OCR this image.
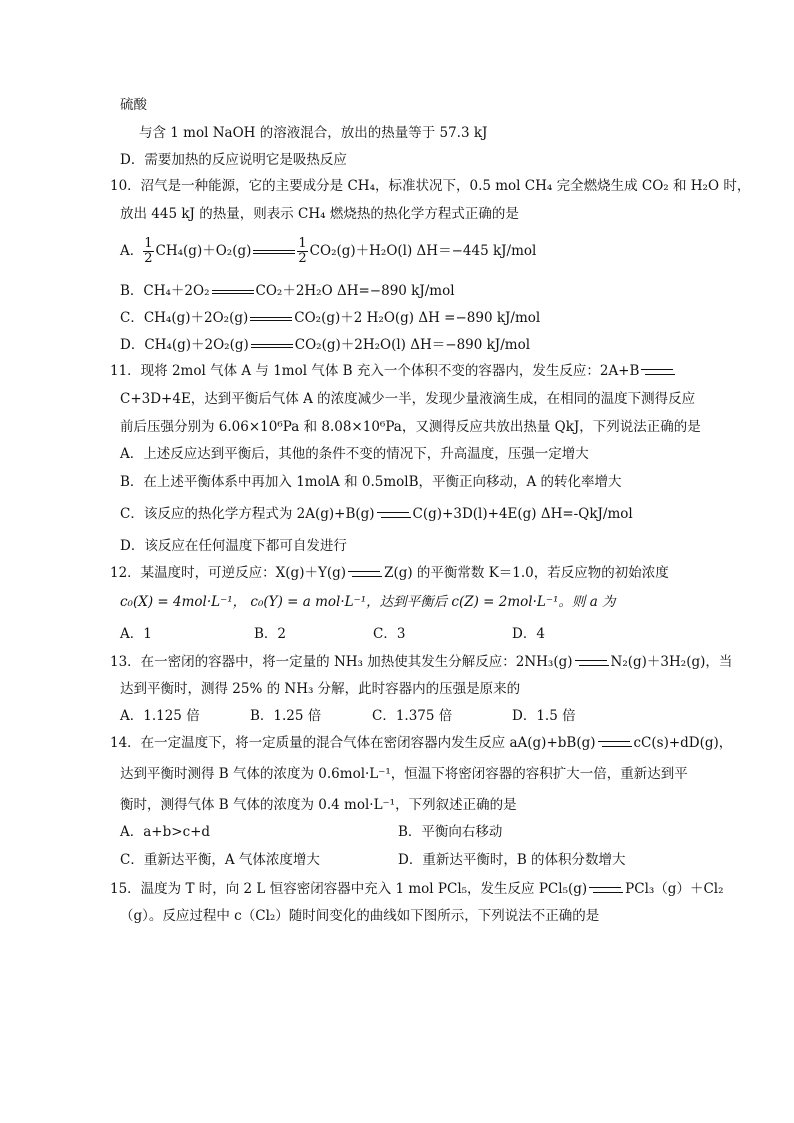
硫酸
与含 1 mol NaOH 的溶液混合，放出的热量等于 57.3 kJ
D．需要加热的反应说明它是吸热反应
10．沼气是一种能源，它的主要成分是 CH₄，标准状况下，0.5 mol CH₄ 完全燃烧生成 CO₂ 和 H₂O 时，
放出 445 kJ 的热量，则表示 CH₄ 燃烧热的热化学方程式正确的是
A． $\frac{1}{2} CH_4(g)+O_2(g)$	$\frac{1}{2} CO_2(g)+H_2O(l)$ ΔH＝−445 kJ/mol
B．CH₄＋2O₂	CO₂＋2H₂O ΔH=−890 kJ/mol
C．CH₄(g)＋2O₂(g)	CO₂(g)＋2 H₂O(g) ΔH =−890 kJ/mol
D．CH₄(g)＋2O₂(g)	CO₂(g)＋2H₂O(l) ΔH＝−890 kJ/mol
11．现将 2mol 气体 A 与 1mol 气体 B 充入一个体积不变的容器内，发生反应：2A+B
C+3D+4E，达到平衡后气体 A 的浓度减少一半，发现少量液滴生成，在相同的温度下测得反应
前后压强分别为 6.06×10⁶Pa 和 8.08×10⁶Pa，又测得反应共放出热量 QkJ，下列说法正确的是
A．上述反应达到平衡后，其他的条件不变的情况下，升高温度，压强一定增大
B．在上述平衡体系中再加入 1molA 和 0.5molB，平衡正向移动，A 的转化率增大
C．该反应的热化学方程式为 2A(g)+B(g)	C(g)+3D(l)+4E(g) ΔH=-QkJ/mol
D．该反应在任何温度下都可自发进行
12．某温度时，可逆反应：X(g)＋Y(g)	Z(g) 的平衡常数 K＝1.0，若反应物的初始浓度
c₀(X) = 4mol·L⁻¹， c₀(Y) = a mol·L⁻¹，达到平衡后 c(Z) = 2mol·L⁻¹。则 a 为
A．1	B．2	C．3	D．4
13．在一密闭的容器中，将一定量的 NH₃ 加热使其发生分解反应：2NH₃(g)	N₂(g)＋3H₂(g)，当
达到平衡时，测得 25% 的 NH₃ 分解，此时容器内的压强是原来的
A．1.125 倍	B．1.25 倍	C．1.375 倍	D．1.5 倍
14．在一定温度下，将一定质量的混合气体在密闭容器内发生反应 aA(g)+bB(g)	cC(s)+dD(g)，
达到平衡时测得 B 气体的浓度为 0.6mol·L⁻¹，恒温下将密闭容器的容积扩大一倍，重新达到平
衡时，测得气体 B 气体的浓度为 0.4 mol·L⁻¹，下列叙述正确的是
A．a+b>c+d	B．平衡向右移动
C．重新达平衡，A 气体浓度增大	D．重新达平衡时，B 的体积分数增大
15．温度为 T 时，向 2 L 恒容密闭容器中充入 1 mol PCl₅，发生反应 PCl₅(g)	PCl₃（g）＋Cl₂
（g）。反应过程中 c（Cl₂）随时间变化的曲线如下图所示，下列说法不正确的是
